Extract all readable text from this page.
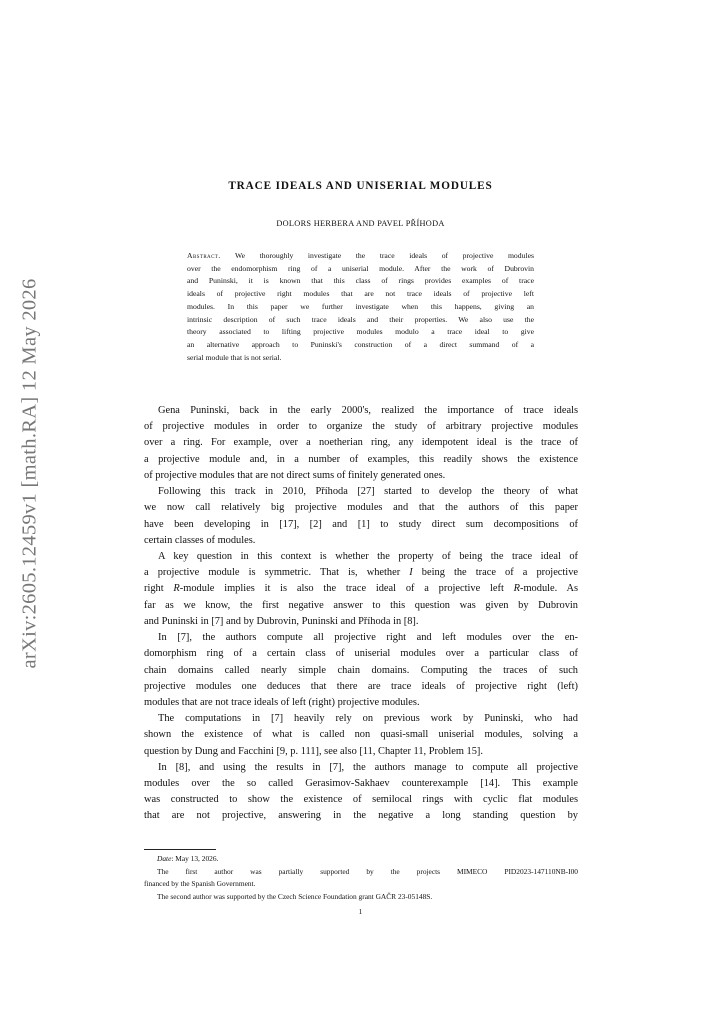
arXiv:2605.12459v1 [math.RA] 12 May 2026
TRACE IDEALS AND UNISERIAL MODULES
DOLORS HERBERA AND PAVEL PŘÍHODA
Abstract. We thoroughly investigate the trace ideals of projective modules
over the endomorphism ring of a uniserial module. After the work of Dubrovin
and Puninski, it is known that this class of rings provides examples of trace
ideals of projective right modules that are not trace ideals of projective left
modules. In this paper we further investigate when this happens, giving an
intrinsic description of such trace ideals and their properties. We also use the
theory associated to lifting projective modules modulo a trace ideal to give
an alternative approach to Puninski's construction of a direct summand of a
serial module that is not serial.
Gena Puninski, back in the early 2000's, realized the importance of trace ideals
of projective modules in order to organize the study of arbitrary projective modules
over a ring. For example, over a noetherian ring, any idempotent ideal is the trace of
a projective module and, in a number of examples, this readily shows the existence
of projective modules that are not direct sums of finitely generated ones.
Following this track in 2010, Příhoda [27] started to develop the theory of what
we now call relatively big projective modules and that the authors of this paper
have been developing in [17], [2] and [1] to study direct sum decompositions of
certain classes of modules.
A key question in this context is whether the property of being the trace ideal of
a projective module is symmetric. That is, whether I being the trace of a projective
right R-module implies it is also the trace ideal of a projective left R-module. As
far as we know, the first negative answer to this question was given by Dubrovin
and Puninski in [7] and by Dubrovin, Puninski and Příhoda in [8].
In [7], the authors compute all projective right and left modules over the en-
domorphism ring of a certain class of uniserial modules over a particular class of
chain domains called nearly simple chain domains. Computing the traces of such
projective modules one deduces that there are trace ideals of projective right (left)
modules that are not trace ideals of left (right) projective modules.
The computations in [7] heavily rely on previous work by Puninski, who had
shown the existence of what is called non quasi-small uniserial modules, solving a
question by Dung and Facchini [9, p. 111], see also [11, Chapter 11, Problem 15].
In [8], and using the results in [7], the authors manage to compute all projective
modules over the so called Gerasimov-Sakhaev counterexample [14]. This example
was constructed to show the existence of semilocal rings with cyclic flat modules
that are not projective, answering in the negative a long standing question by
Date: May 13, 2026.
The first author was partially supported by the projects MIMECO PID2023-147110NB-I00
financed by the Spanish Government.
The second author was supported by the Czech Science Foundation grant GAČR 23-05148S.
1
